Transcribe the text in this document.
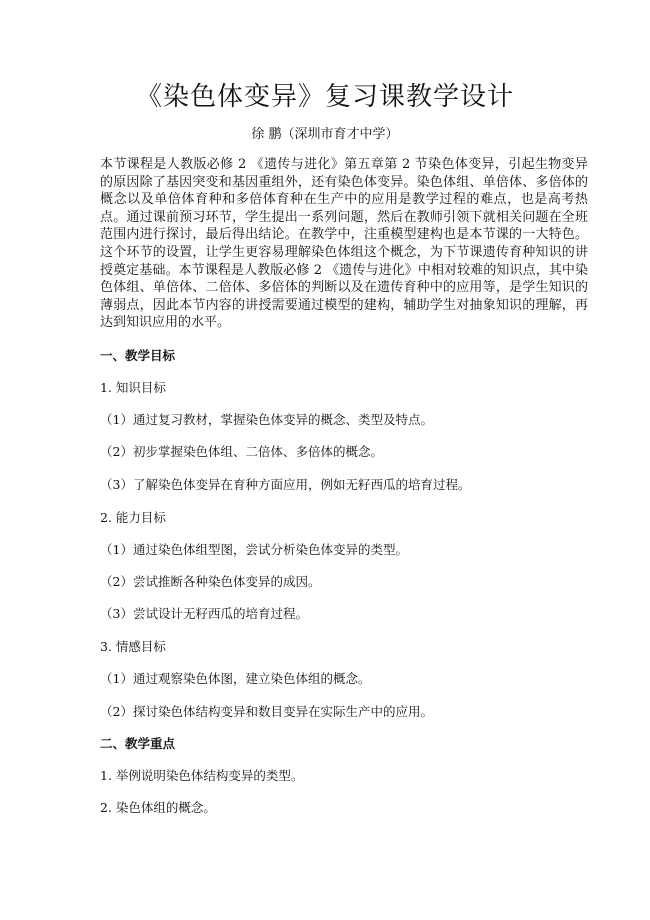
《染色体变异》复习课教学设计
徐 鹏（深圳市育才中学）

本节课程是人教版必修 2 《遗传与进化》第五章第 2 节染色体变异，引起生物变异的原因除了基因突变和基因重组外，还有染色体变异。染色体组、单倍体、多倍体的概念以及单倍体育种和多倍体育种在生产中的应用是教学过程的难点，也是高考热点。通过课前预习环节，学生提出一系列问题，然后在教师引领下就相关问题在全班范围内进行探讨，最后得出结论。在教学中，注重模型建构也是本节课的一大特色。这个环节的设置，让学生更容易理解染色体组这个概念，为下节课遗传育种知识的讲授奠定基础。本节课程是人教版必修 2 《遗传与进化》中相对较难的知识点，其中染色体组、单倍体、二倍体、多倍体的判断以及在遗传育种中的应用等，是学生知识的薄弱点，因此本节内容的讲授需要通过模型的建构，辅助学生对抽象知识的理解，再达到知识应用的水平。

一、教学目标
1. 知识目标
（1）通过复习教材，掌握染色体变异的概念、类型及特点。
（2）初步掌握染色体组、二倍体、多倍体的概念。
（3）了解染色体变异在育种方面应用，例如无籽西瓜的培育过程。
2. 能力目标
（1）通过染色体组型图，尝试分析染色体变异的类型。
（2）尝试推断各种染色体变异的成因。
（3）尝试设计无籽西瓜的培育过程。
3. 情感目标
（1）通过观察染色体图，建立染色体组的概念。
（2）探讨染色体结构变异和数目变异在实际生产中的应用。
二、教学重点
1. 举例说明染色体结构变异的类型。
2. 染色体组的概念。
